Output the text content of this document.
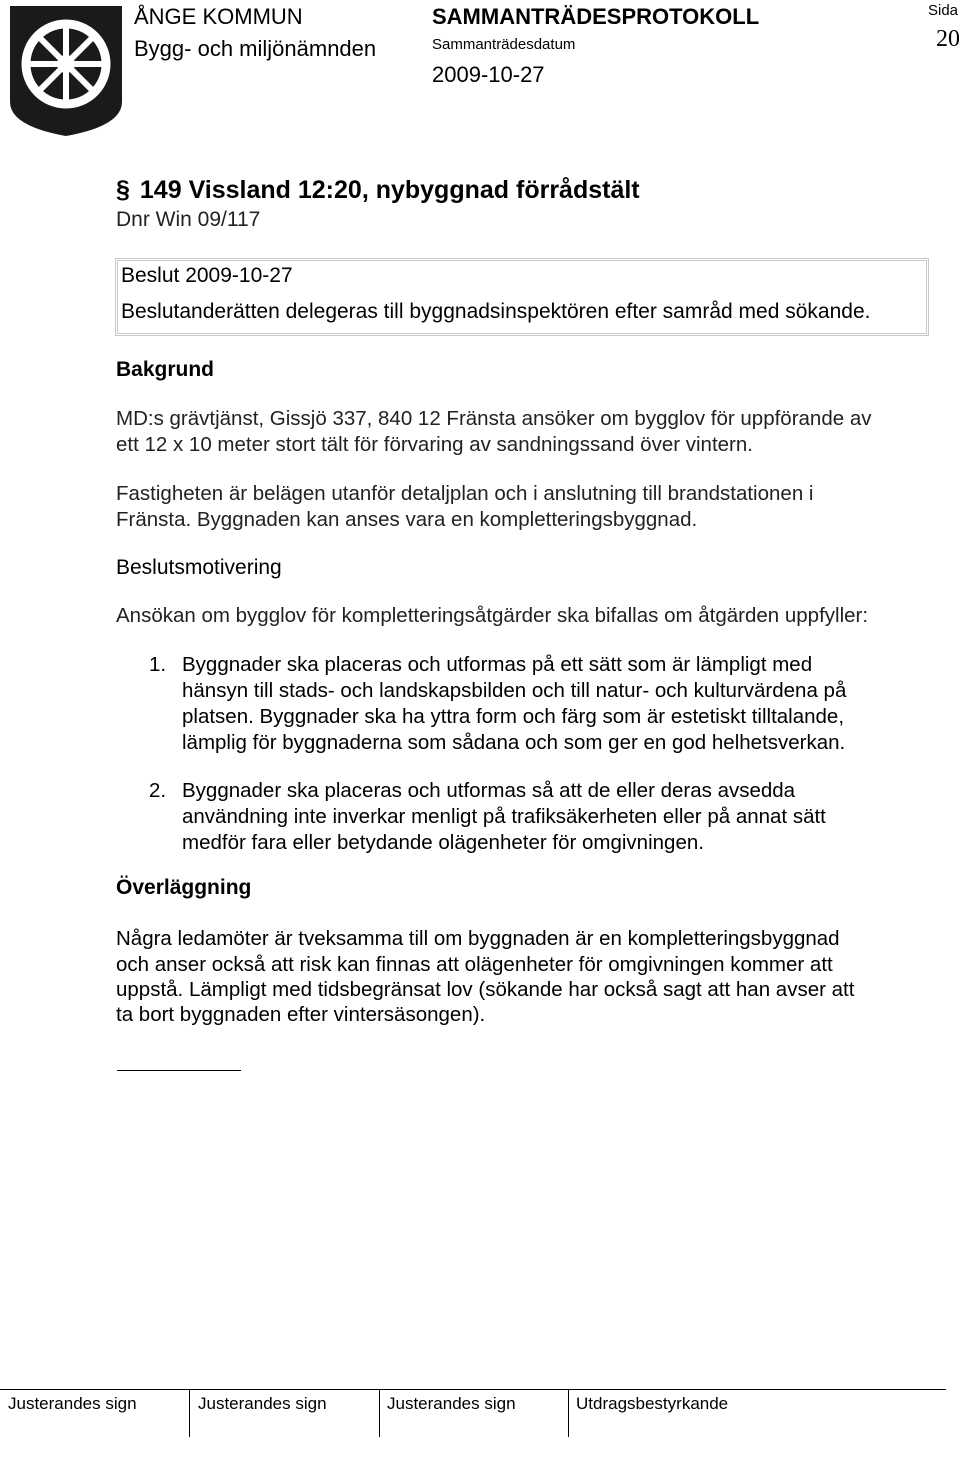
ÅNGE KOMMUN
Bygg- och miljönämnden
SAMMANTRÄDESPROTOKOLL
Sammanträdesdatum
2009-10-27
Sida
20
§ 149 Vissland 12:20, nybyggnad förrådstält
Dnr Win 09/117
Beslut 2009-10-27
Beslutanderätten delegeras till byggnadsinspektören efter samråd med sökande.
Bakgrund
MD:s grävtjänst, Gissjö 337, 840 12 Fränsta ansöker om bygglov för uppförande av
ett 12 x 10 meter stort tält för förvaring av sandningssand över vintern.
Fastigheten är belägen utanför detaljplan och i anslutning till brandstationen i
Fränsta. Byggnaden kan anses vara en kompletteringsbyggnad.
Beslutsmotivering
Ansökan om bygglov för kompletteringsåtgärder ska bifallas om åtgärden uppfyller:
1. Byggnader ska placeras och utformas på ett sätt som är lämpligt med
hänsyn till stads- och landskapsbilden och till natur- och kulturvärdena på
platsen. Byggnader ska ha yttra form och färg som är estetiskt tilltalande,
lämplig för byggnaderna som sådana och som ger en god helhetsverkan.
2. Byggnader ska placeras och utformas så att de eller deras avsedda
användning inte inverkar menligt på trafiksäkerheten eller på annat sätt
medför fara eller betydande olägenheter för omgivningen.
Överläggning
Några ledamöter är tveksamma till om byggnaden är en kompletteringsbyggnad
och anser också att risk kan finnas att olägenheter för omgivningen kommer att
uppstå. Lämpligt med tidsbegränsat lov (sökande har också sagt att han avser att
ta bort byggnaden efter vintersäsongen).
Justerandes sign	Justerandes sign	Justerandes sign	Utdragsbestyrkande
